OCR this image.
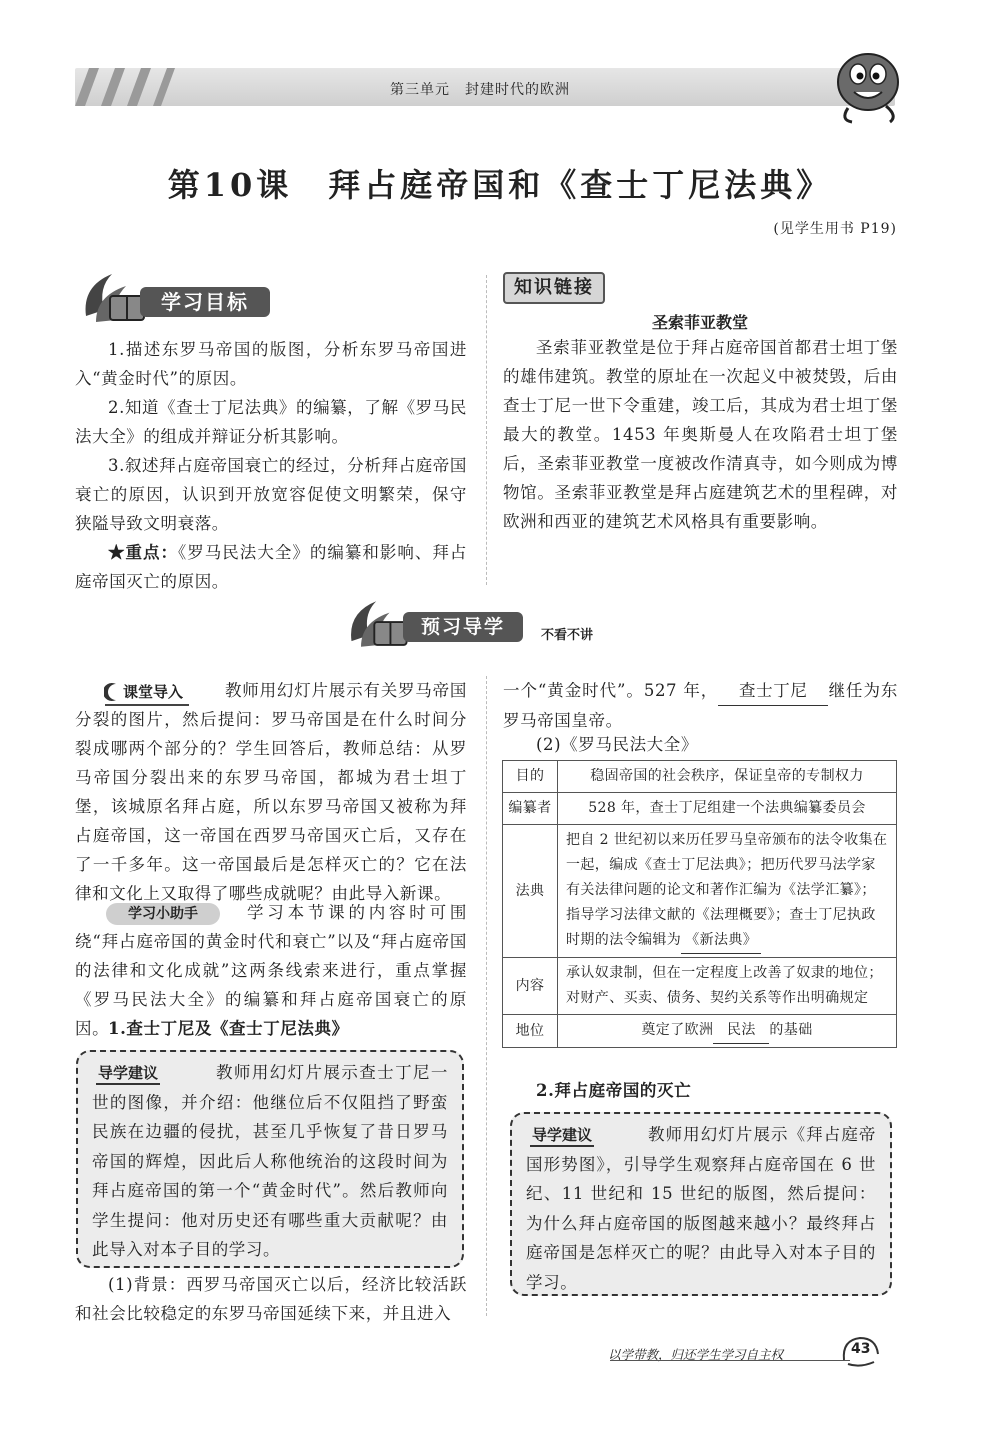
第三单元　封建时代的欧洲
第10课　拜占庭帝国和《查士丁尼法典》
(见学生用书 P19)
学习目标
1.描述东罗马帝国的版图，分析东罗马帝国进入“黄金时代”的原因。
2.知道《查士丁尼法典》的编纂，了解《罗马民法大全》的组成并辩证分析其影响。
3.叙述拜占庭帝国衰亡的经过，分析拜占庭帝国衰亡的原因，认识到开放宽容促使文明繁荣，保守狭隘导致文明衰落。
★重点：《罗马民法大全》的编纂和影响、拜占庭帝国灭亡的原因。
知识链接
圣索菲亚教堂
圣索菲亚教堂是位于拜占庭帝国首都君士坦丁堡的雄伟建筑。教堂的原址在一次起义中被焚毁，后由查士丁尼一世下令重建，竣工后，其成为君士坦丁堡最大的教堂。1453 年奥斯曼人在攻陷君士坦丁堡后，圣索菲亚教堂一度被改作清真寺，如今则成为博物馆。圣索菲亚教堂是拜占庭建筑艺术的里程碑，对欧洲和西亚的建筑艺术风格具有重要影响。
预习导学	不看不讲
课堂导入	教师用幻灯片展示有关罗马帝国分裂的图片，然后提问：罗马帝国是在什么时间分裂成哪两个部分的？学生回答后，教师总结：从罗马帝国分裂出来的东罗马帝国，都城为君士坦丁堡，该城原名拜占庭，所以东罗马帝国又被称为拜占庭帝国，这一帝国在西罗马帝国灭亡后，又存在了一千多年。这一帝国最后是怎样灭亡的？它在法律和文化上又取得了哪些成就呢？由此导入新课。
学习小助手	学习本节课的内容时可围绕“拜占庭帝国的黄金时代和衰亡”以及“拜占庭帝国的法律和文化成就”这两条线索来进行，重点掌握《罗马民法大全》的编纂和拜占庭帝国衰亡的原因。
1.查士丁尼及《查士丁尼法典》
导学建议	教师用幻灯片展示查士丁尼一世的图像，并介绍：他继位后不仅阻挡了野蛮民族在边疆的侵扰，甚至几乎恢复了昔日罗马帝国的辉煌，因此后人称他统治的这段时间为拜占庭帝国的第一个“黄金时代”。然后教师向学生提问：他对历史还有哪些重大贡献呢？由此导入对本子目的学习。
(1)背景：西罗马帝国灭亡以后，经济比较活跃和社会比较稳定的东罗马帝国延续下来，并且进入
一个“黄金时代”。527 年， 查士丁尼 继任为东罗马帝国皇帝。
(2)《罗马民法大全》
目的	稳固帝国的社会秩序，保证皇帝的专制权力
编纂者	528 年，查士丁尼组建一个法典编纂委员会
法典	把自 2 世纪初以来历任罗马皇帝颁布的法令收集在一起，编成《查士丁尼法典》；把历代罗马法学家有关法律问题的论文和著作汇编为《法学汇纂》；指导学习法律文献的《法理概要》；查士丁尼执政时期的法令编辑为 《新法典》
内容	承认奴隶制，但在一定程度上改善了奴隶的地位；对财产、买卖、债务、契约关系等作出明确规定
地位	奠定了欧洲 民法 的基础
2.拜占庭帝国的灭亡
导学建议	教师用幻灯片展示《拜占庭帝国形势图》，引导学生观察拜占庭帝国在 6 世纪、11 世纪和 15 世纪的版图，然后提问：为什么拜占庭帝国的版图越来越小？最终拜占庭帝国是怎样灭亡的呢？由此导入对本子目的学习。
以学带教，归还学生学习自主权	43
